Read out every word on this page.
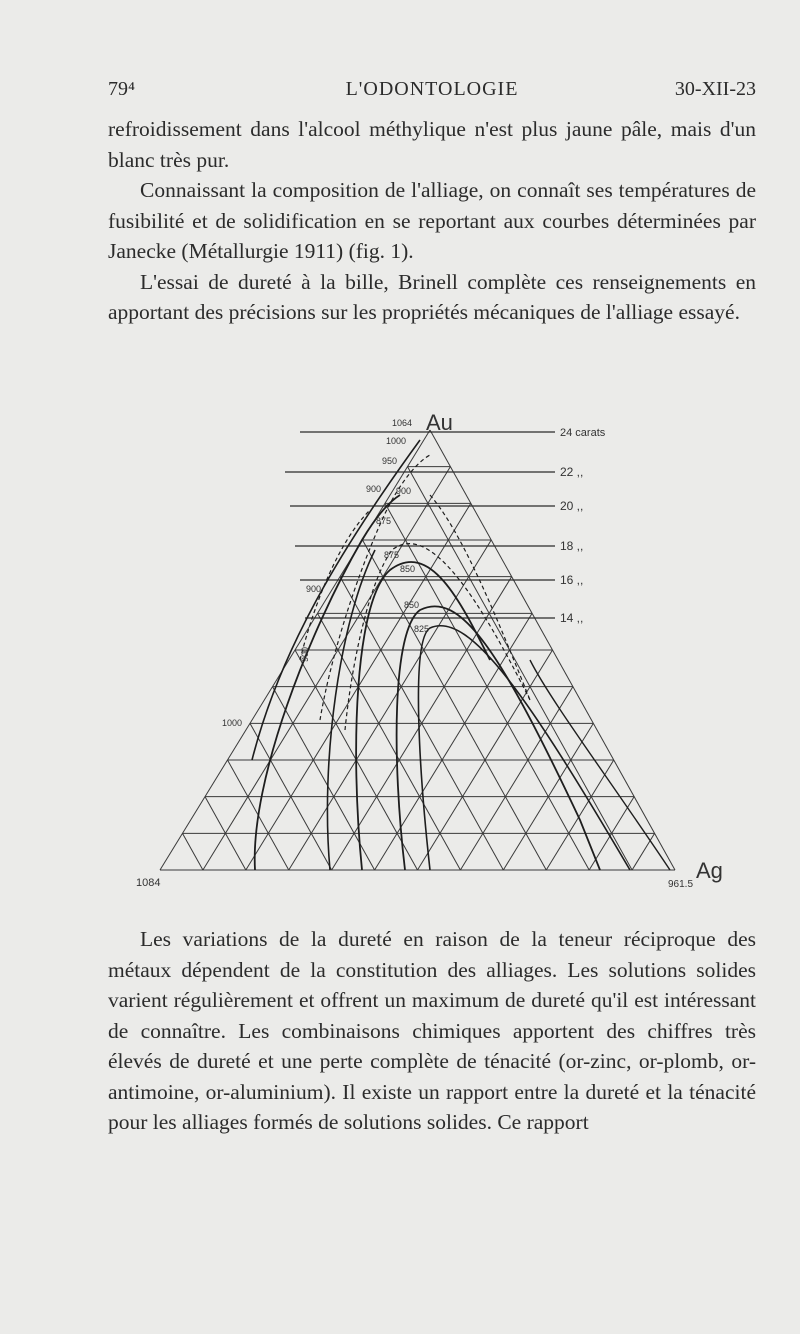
79⁴	L'ODONTOLOGIE	30-XII-23

refroidissement dans l'alcool méthylique n'est plus jaune pâle, mais d'un blanc très pur.

Connaissant la composition de l'alliage, on connaît ses températures de fusibilité et de solidification en se reportant aux courbes déterminées par Janecke (Métallurgie 1911) (fig. 1).

L'essai de dureté à la bille, Brinell complète ces renseignements en apportant des précisions sur les propriétés mécaniques de l'alliage essayé.

Au
1064
1084	Ag
961.5
24 carats
22 ,,
20 ,,
18 ,,
16 ,,
14 ,,
1000
950
900 900
875
875
850
850
825
900
900
1000

Les variations de la dureté en raison de la teneur réciproque des métaux dépendent de la constitution des alliages. Les solutions solides varient régulièrement et offrent un maximum de dureté qu'il est intéressant de connaître. Les combinaisons chimiques apportent des chiffres très élevés de dureté et une perte complète de ténacité (or-zinc, or-plomb, or-antimoine, or-aluminium). Il existe un rapport entre la dureté et la ténacité pour les alliages formés de solutions solides. Ce rapport
